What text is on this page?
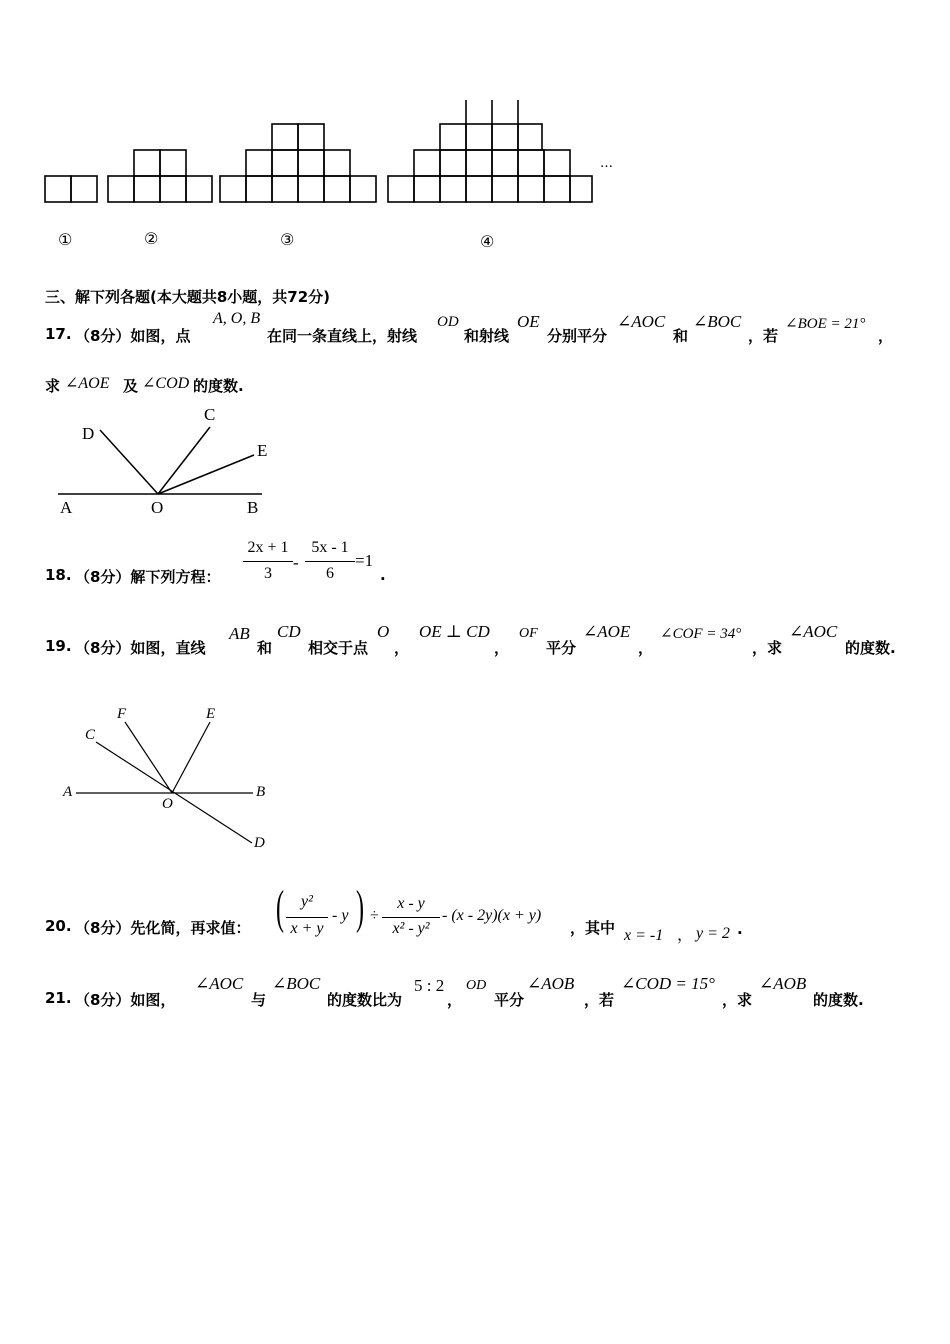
…
①	②	③	④
三、解下列各题(本大题共8小题，共72分)
17. （8分）如图，点
A, O, B
在同一条直线上，射线
OD
和射线
OE
分别平分
∠AOC
和
∠BOC
，若
∠BOE = 21°
，
求 ∠AOE 及 ∠COD 的度数.
D
C
E
A	O	B
18. （8分）解下列方程：
2x + 1
3
-
5x - 1
6
=1
.
19. （8分）如图，直线
AB
和
CD
相交于点
O
，
OE ⊥ CD
，
OF
平分
∠AOE
，
∠COF = 34°
，求
∠AOC
的度数.
F	E
C
A
O
B
D
20. （8分）先化简，再求值： (	y²
x + y
- y ) ÷
x - y
x² - y²
- (x - 2y)(x + y)
，其中 x = -1 ， y = 2 .
21. （8分）如图，
∠AOC
与
∠BOC
的度数比为
5 : 2
，
OD
平分
∠AOB
，若
∠COD = 15°
，求
∠AOB
的度数.
